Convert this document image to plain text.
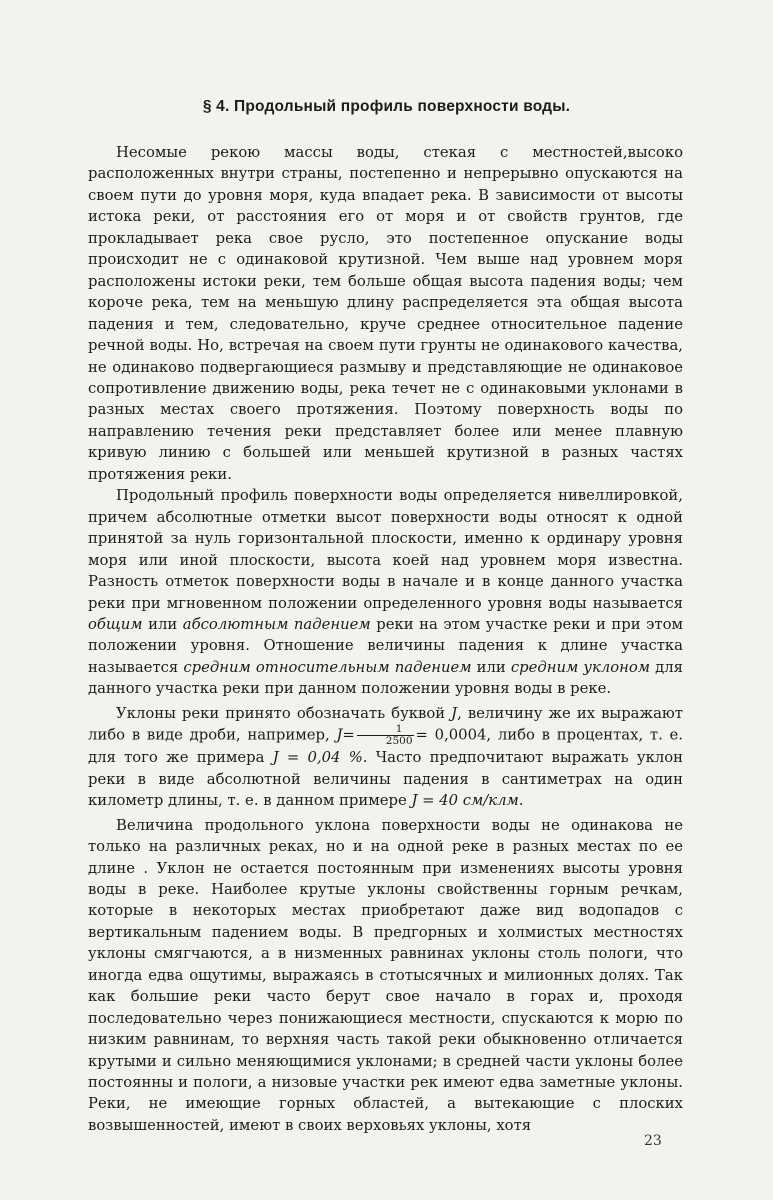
§ 4. Продольный профиль поверхности воды.

Несомые рекою массы воды, стекая с местностей,высоко расположенных внутри страны, постепенно и непрерывно опускаются на своем пути до уровня моря, куда впадает река. В зависимости от высоты истока реки, от расстояния его от моря и от свойств грунтов, где прокладывает река свое русло, это постепенное опускание воды происходит не с одинаковой крутизной. Чем выше над уровнем моря расположены истоки реки, тем больше общая высота падения воды; чем короче река, тем на меньшую длину распределяется эта общая высота падения и тем, следовательно, круче среднее относительное падение речной воды. Но, встречая на своем пути грунты не одинакового качества, не одинаково подвергающиеся размыву и представляющие не одинаковое сопротивление движению воды, река течет не с одинаковыми уклонами в разных местах своего протяжения. Поэтому поверхность воды по направлению течения реки представляет более или менее плавную кривую линию с большей или меньшей крутизной в разных частях протяжения реки.

Продольный профиль поверхности воды определяется нивеллировкой, причем абсолютные отметки высот поверхности воды относят к одной принятой за нуль горизонтальной плоскости, именно к ординару уровня моря или иной плоскости, высота коей над уровнем моря известна. Разность отметок поверхности воды в начале и в конце данного участка реки при мгновенном положении определенного уровня воды называется общим или абсолютным падением реки на этом участке реки и при этом положении уровня. Отношение величины падения к длине участка называется средним относительным падением или средним уклоном для данного участка реки при данном положении уровня воды в реке.

Уклоны реки принято обозначать буквой J, величину же их выражают либо в виде дроби, например, $J= \frac{1}{2500} = 0,0004$, либо в процентах, т. е. для того же примера J = 0,04 %. Часто предпочитают выражать уклон реки в виде абсолютной величины падения в сантиметрах на один километр длины, т. е. в данном примере J = 40 см/клм.

Величина продольного уклона поверхности воды не одинакова не только на различных реках, но и на одной реке в разных местах по ее длине . Уклон не остается постоянным при изменениях высоты уровня воды в реке. Наиболее крутые уклоны свойственны горным речкам, которые в некоторых местах приобретают даже вид водопадов с вертикальным падением воды. В предгорных и холмистых местностях уклоны смягчаются, а в низменных равнинах уклоны столь пологи, что иногда едва ощутимы, выражаясь в стотысячных и милионных долях. Так как большие реки часто берут свое начало в горах и, проходя последовательно через понижающиеся местности, спускаются к морю по низким равнинам, то верхняя часть такой реки обыкновенно отличается крутыми и сильно меняющимися уклонами; в средней части уклоны более постоянны и пологи, а низовые участки рек имеют едва заметные уклоны. Реки, не имеющие горных областей, а вытекающие с плоских возвышенностей, имеют в своих верховьях уклоны, хотя

23
